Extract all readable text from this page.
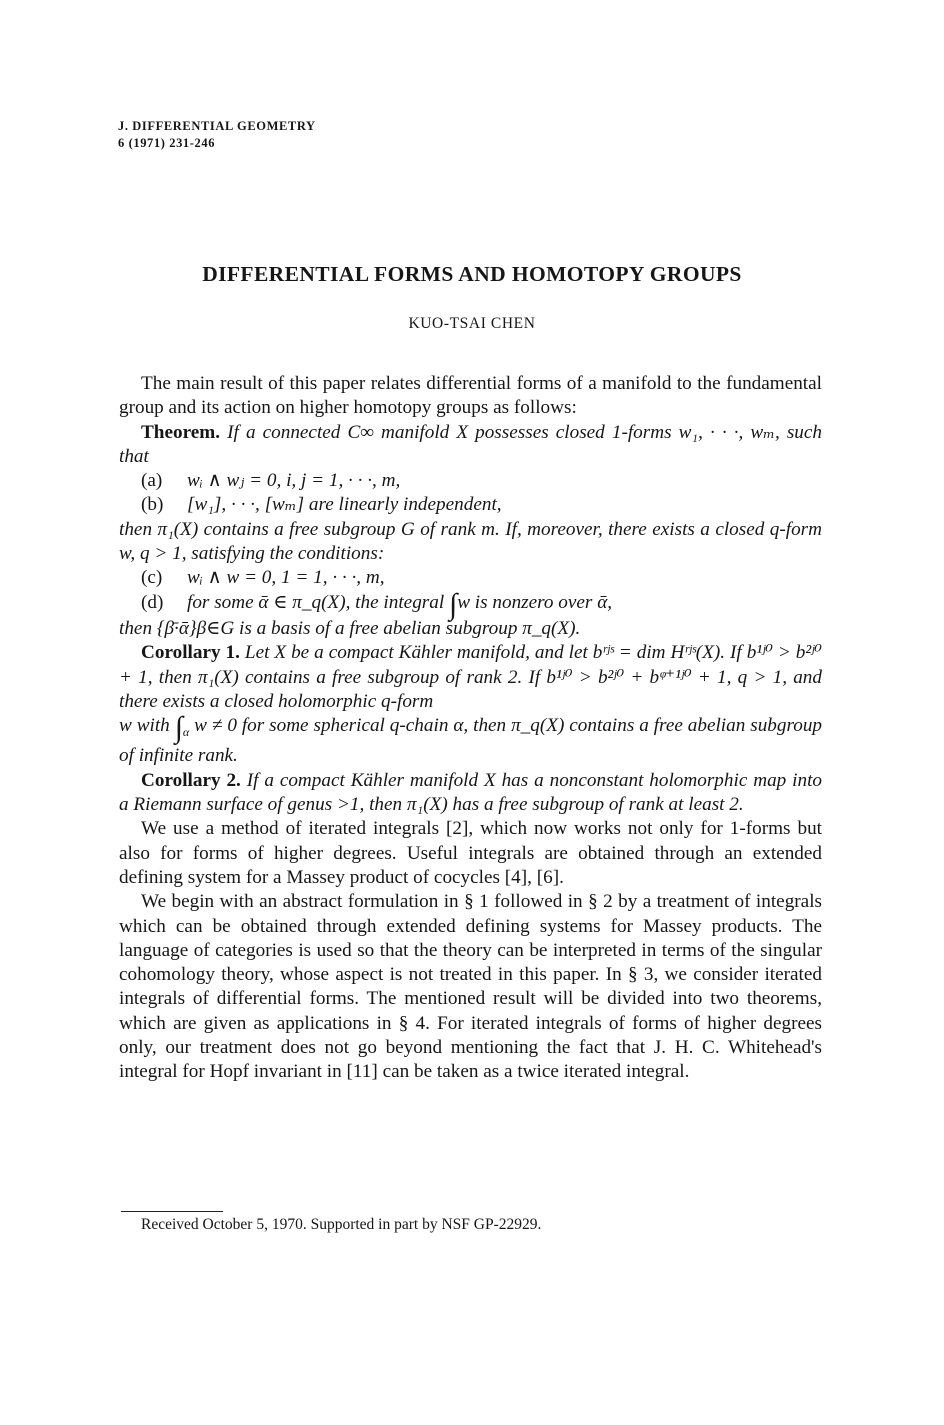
J. DIFFERENTIAL GEOMETRY
6 (1971) 231-246
DIFFERENTIAL FORMS AND HOMOTOPY GROUPS
KUO-TSAI CHEN

The main result of this paper relates differential forms of a manifold to the fundamental group and its action on higher homotopy groups as follows:

Theorem. If a connected C∞ manifold X possesses closed 1-forms w₁, · · ·, wₘ, such that

(a) wᵢ ∧ wⱼ = 0, i, j = 1, · · ·, m,

(b) [w₁], · · ·, [wₘ] are linearly independent,

then π₁(X) contains a free subgroup G of rank m. If, moreover, there exists a closed q-form w, q > 1, satisfying the conditions:

(c) wᵢ ∧ w = 0, 1 = 1, · · ·, m,

(d) for some ᾱ ∈ π_q(X), the integral ∫w is nonzero over ᾱ,

then {β̄·ᾱ}β∈G is a basis of a free abelian subgroup π_q(X).

Corollary 1. Let X be a compact Kähler manifold, and let bʳʲˢ = dim Hʳʲˢ(X). If b¹ʲ⁰ > b²ʲ⁰ + 1, then π₁(X) contains a free subgroup of rank 2. If b¹ʲ⁰ > b²ʲ⁰ + bᵠ⁺¹ʲ⁰ + 1, q > 1, and there exists a closed holomorphic q-form

w with $\int_\alpha$ w ≠ 0 for some spherical q-chain α, then π_q(X) contains a free abelian subgroup of infinite rank.

Corollary 2. If a compact Kähler manifold X has a nonconstant holomorphic map into a Riemann surface of genus >1, then π₁(X) has a free subgroup of rank at least 2.

We use a method of iterated integrals [2], which now works not only for 1-forms but also for forms of higher degrees. Useful integrals are obtained through an extended defining system for a Massey product of cocycles [4], [6].

We begin with an abstract formulation in § 1 followed in § 2 by a treatment of integrals which can be obtained through extended defining systems for Massey products. The language of categories is used so that the theory can be interpreted in terms of the singular cohomology theory, whose aspect is not treated in this paper. In § 3, we consider iterated integrals of differential forms. The mentioned result will be divided into two theorems, which are given as applications in § 4. For iterated integrals of forms of higher degrees only, our treatment does not go beyond mentioning the fact that J. H. C. Whitehead's integral for Hopf invariant in [11] can be taken as a twice iterated integral.

Received October 5, 1970. Supported in part by NSF GP-22929.
